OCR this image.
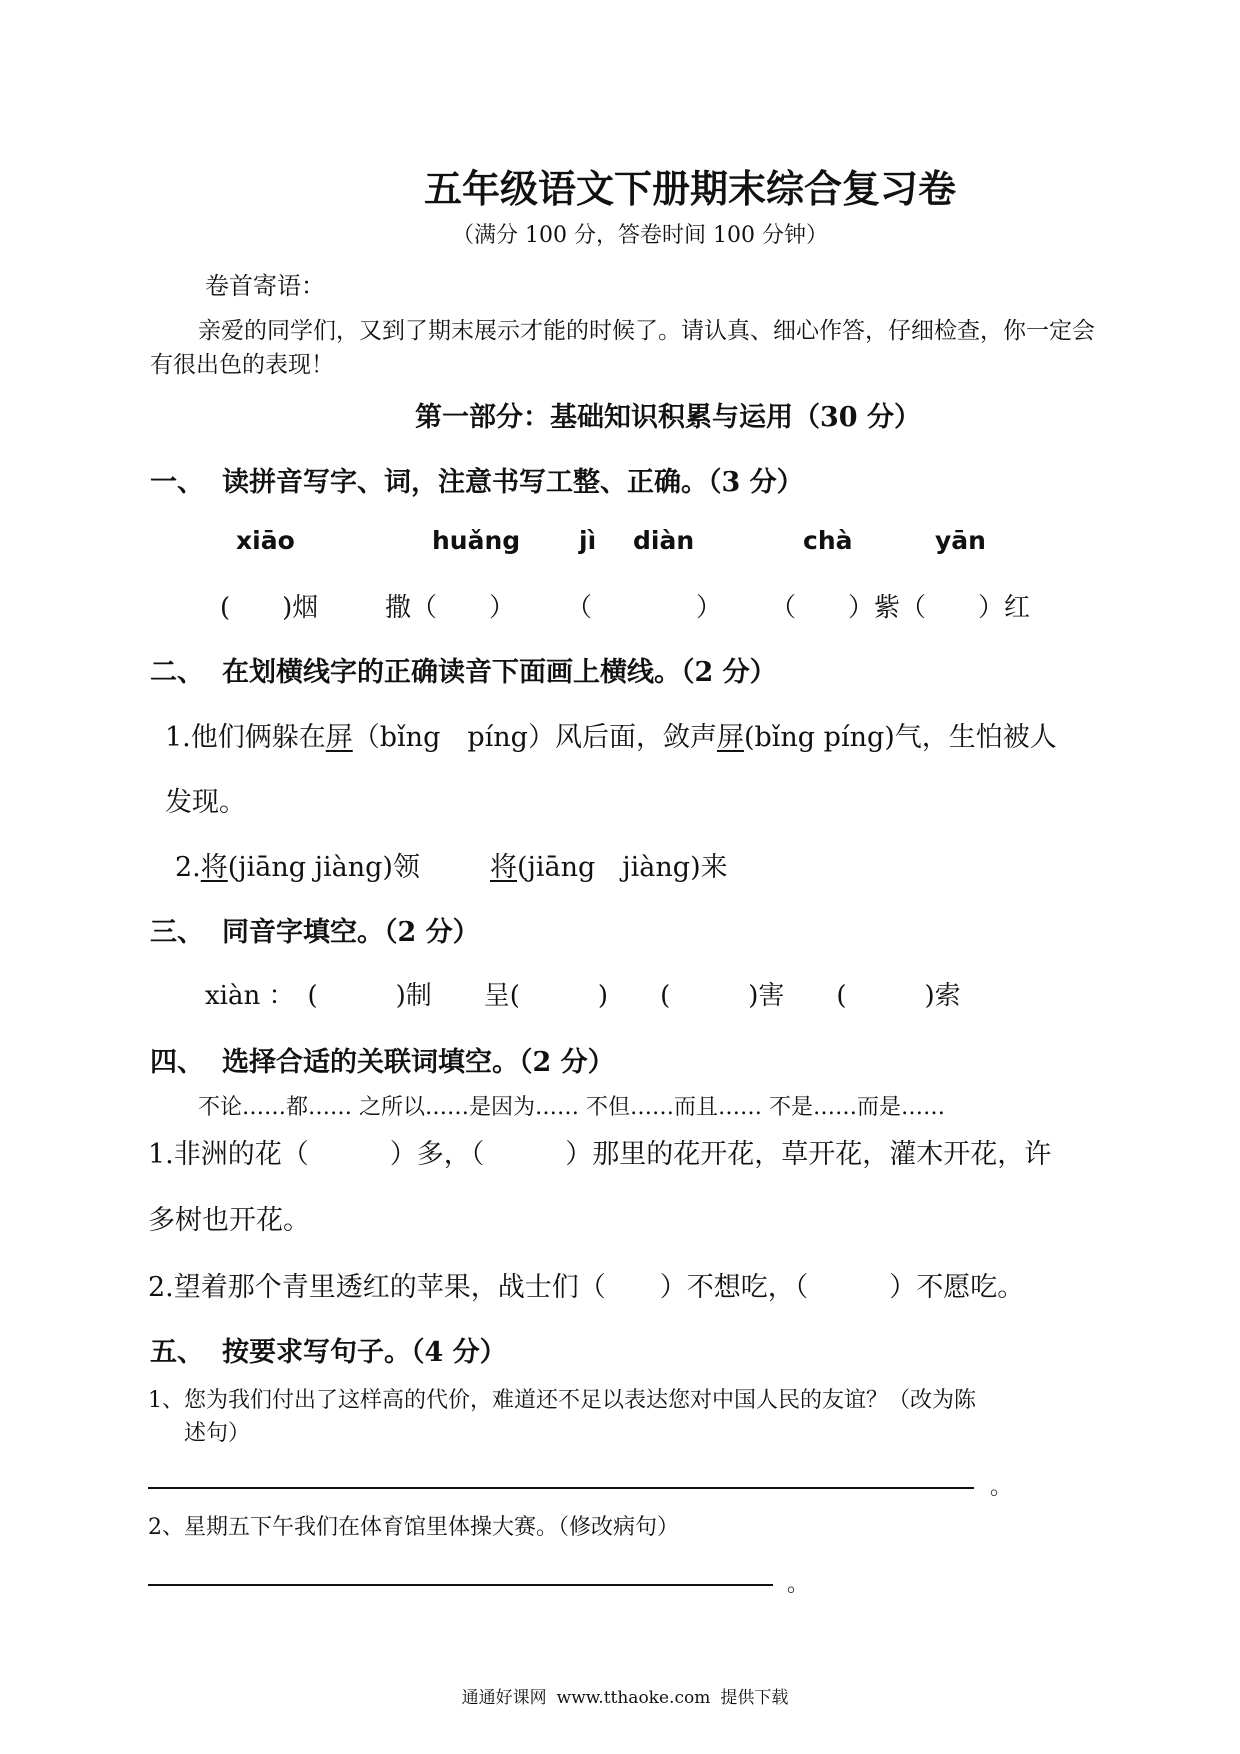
五年级语文下册期末综合复习卷
（满分 100 分，答卷时间 100 分钟）
卷首寄语：
亲爱的同学们，又到了期末展示才能的时候了。请认真、细心作答，仔细检查，你一定会有很出色的表现！
第一部分：基础知识积累与运用（30 分）
一、 读拼音写字、词，注意书写工整、正确。（3 分）
xiāo	huǎng jì diàn	chà	yān
(　　)烟	撒（　　） （　　　　） （　　）紫（　　）红
二、 在划横线字的正确读音下面画上横线。（2 分）
1.他们俩躲在屏（bǐng　píng）风后面，敛声屏(bǐng píng)气，生怕被人
发现。
2.将(jiāng jiàng)领	将(jiāng　jiàng)来
三、 同音字填空。（2 分）
xiàn ：　(　　　)制　　呈(　　　)　　(　　　)害　　(　　　)索
四、 选择合适的关联词填空。（2 分）
不论……都…… 之所以……是因为…… 不但……而且…… 不是……而是……
1.非洲的花（　　　）多，（　　　）那里的花开花，草开花，灌木开花，许
多树也开花。
2.望着那个青里透红的苹果，战士们（　　）不想吃，（　　　）不愿吃。
五、 按要求写句子。（4 分）
1、您为我们付出了这样高的代价，难道还不足以表达您对中国人民的友谊？（改为陈
述句）
。
2、星期五下午我们在体育馆里体操大赛。（修改病句）
。
通通好课网 www.tthaoke.com 提供下载
